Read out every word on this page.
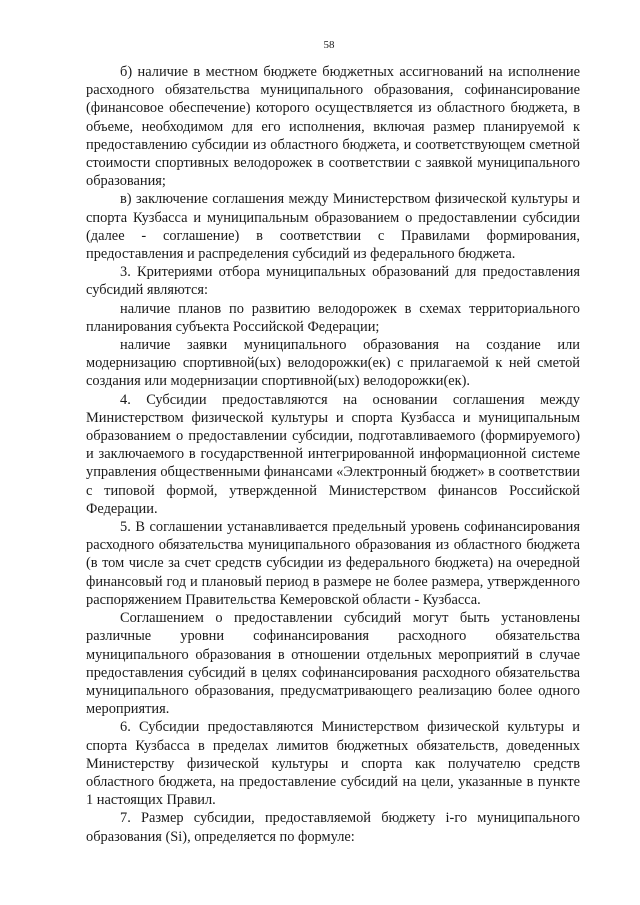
58

б) наличие в местном бюджете бюджетных ассигнований на исполнение расходного обязательства муниципального образования, софинансирование (финансовое обеспечение) которого осуществляется из областного бюджета, в объеме, необходимом для его исполнения, включая размер планируемой к предоставлению субсидии из областного бюджета, и соответствующем сметной стоимости спортивных велодорожек в соответствии с заявкой муниципального образования;

в) заключение соглашения между Министерством физической культуры и спорта Кузбасса и муниципальным образованием о предоставлении субсидии (далее - соглашение) в соответствии с Правилами формирования, предоставления и распределения субсидий из федерального бюджета.

3. Критериями отбора муниципальных образований для предоставления субсидий являются:

наличие планов по развитию велодорожек в схемах территориального планирования субъекта Российской Федерации;

наличие заявки муниципального образования на создание или модернизацию спортивной(ых) велодорожки(ек) с прилагаемой к ней сметой создания или модернизации спортивной(ых) велодорожки(ек).

4. Субсидии предоставляются на основании соглашения между Министерством физической культуры и спорта Кузбасса и муниципальным образованием о предоставлении субсидии, подготавливаемого (формируемого) и заключаемого в государственной интегрированной информационной системе управления общественными финансами «Электронный бюджет» в соответствии с типовой формой, утвержденной Министерством финансов Российской Федерации.

5. В соглашении устанавливается предельный уровень софинансирования расходного обязательства муниципального образования из областного бюджета (в том числе за счет средств субсидии из федерального бюджета) на очередной финансовый год и плановый период в размере не более размера, утвержденного распоряжением Правительства Кемеровской области - Кузбасса.

Соглашением о предоставлении субсидий могут быть установлены различные уровни софинансирования расходного обязательства муниципального образования в отношении отдельных мероприятий в случае предоставления субсидий в целях софинансирования расходного обязательства муниципального образования, предусматривающего реализацию более одного мероприятия.

6. Субсидии предоставляются Министерством физической культуры и спорта Кузбасса в пределах лимитов бюджетных обязательств, доведенных Министерству физической культуры и спорта как получателю средств областного бюджета, на предоставление субсидий на цели, указанные в пункте 1 настоящих Правил.

7. Размер субсидии, предоставляемой бюджету i-го муниципального образования (Si), определяется по формуле:
